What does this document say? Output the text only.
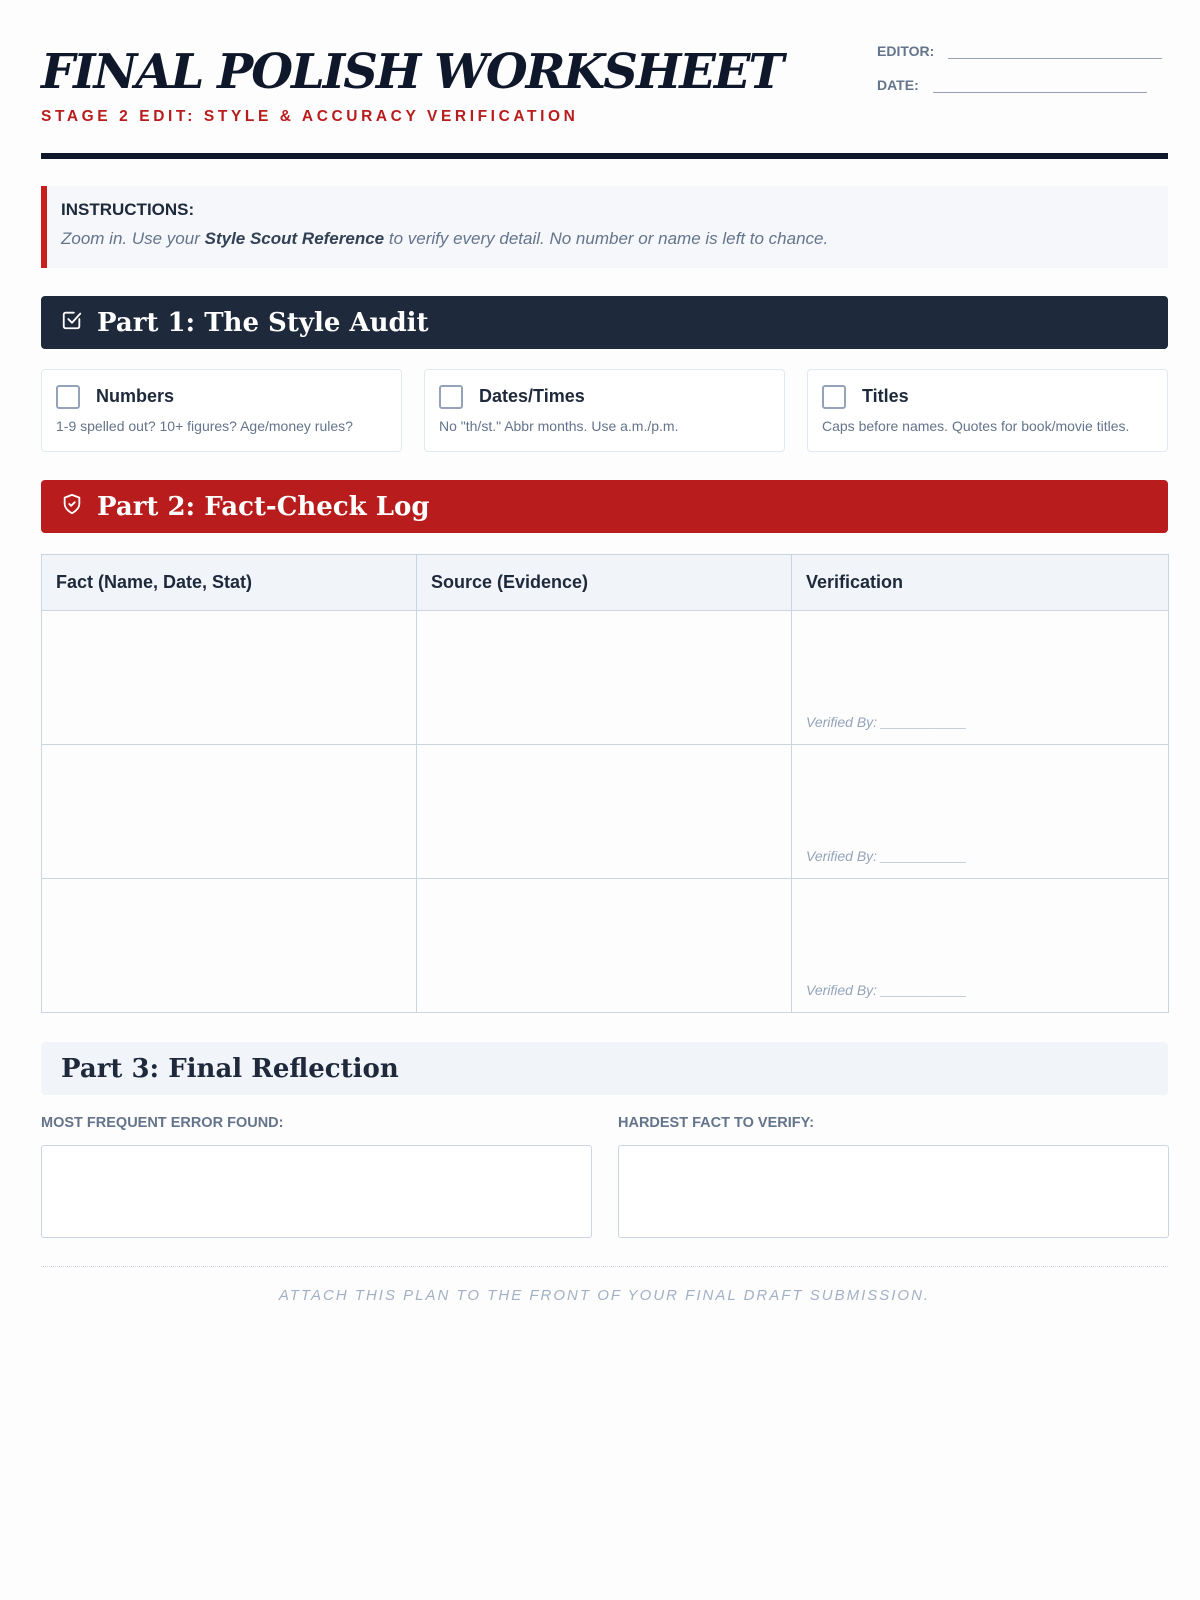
FINAL POLISH WORKSHEET
STAGE 2 EDIT: STYLE & ACCURACY VERIFICATION
EDITOR:
DATE:
INSTRUCTIONS:
Zoom in. Use your Style Scout Reference to verify every detail. No number or name is left to chance.
Part 1: The Style Audit
Numbers
1-9 spelled out? 10+ figures? Age/money rules?
Dates/Times
No "th/st." Abbr months. Use a.m./p.m.
Titles
Caps before names. Quotes for book/movie titles.
Part 2: Fact-Check Log
Fact (Name, Date, Stat)	Source (Evidence)	Verification
		Verified By: ___________
		Verified By: ___________
		Verified By: ___________
Part 3: Final Reflection
MOST FREQUENT ERROR FOUND:	HARDEST FACT TO VERIFY:
ATTACH THIS PLAN TO THE FRONT OF YOUR FINAL DRAFT SUBMISSION.
